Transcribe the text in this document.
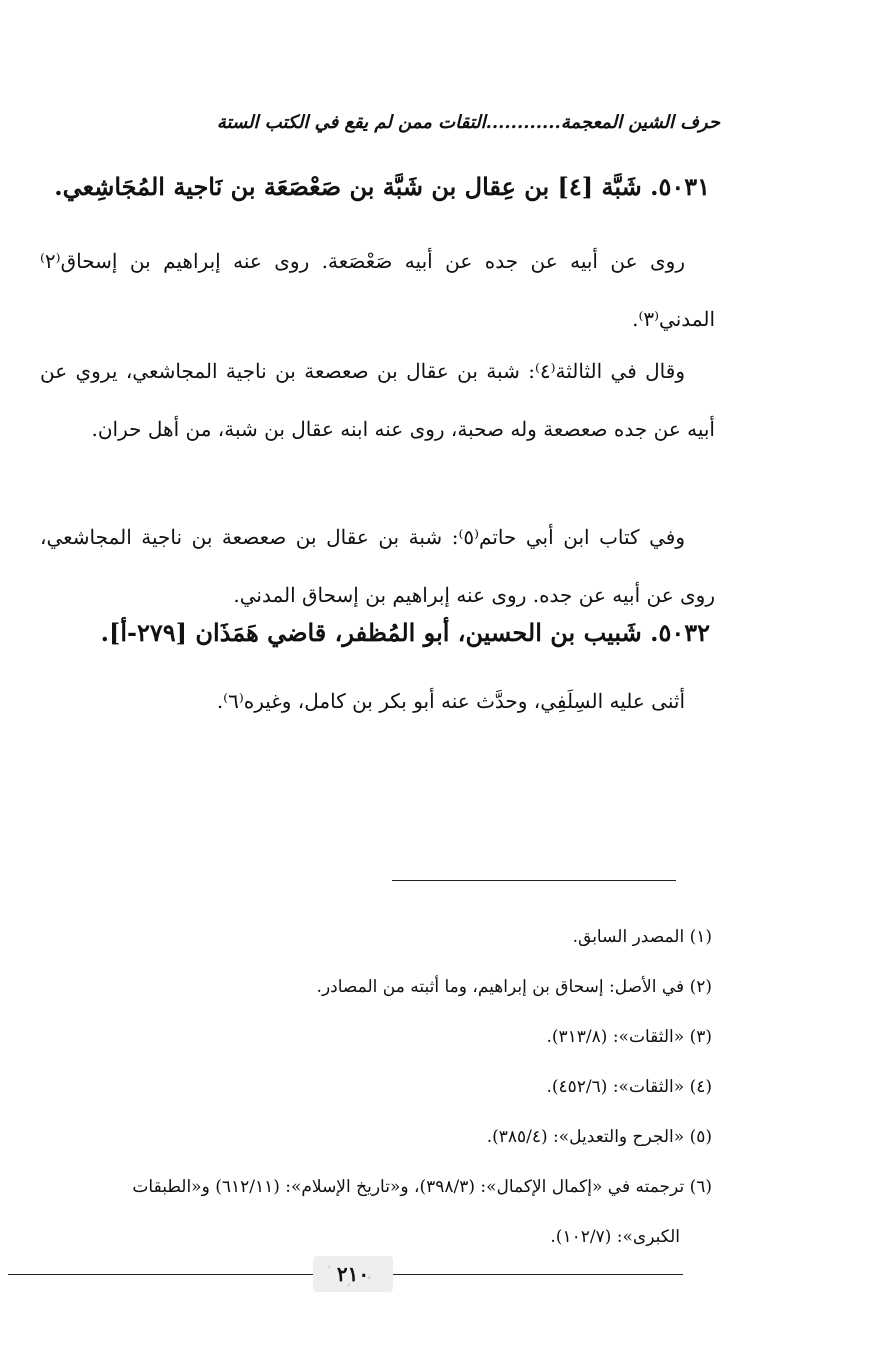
حرف الشين المعجمة............التقات ممن لم يقع في الكتب الستة
٥٠٣١. شَبَّة [٤] بن عِقال بن شَبَّة بن صَعْصَعَة بن نَاجية المُجَاشِعي.
روى عن أبيه عن جده عن أبيه صَعْصَعة. روى عنه إبراهيم بن إسحاق⁽٢⁾ المدني⁽٣⁾.
وقال في الثالثة⁽٤⁾: شبة بن عقال بن صعصعة بن ناجية المجاشعي، يروي عن أبيه عن جده صعصعة وله صحبة، روى عنه ابنه عقال بن شبة، من أهل حران.
وفي كتاب ابن أبي حاتم⁽٥⁾: شبة بن عقال بن صعصعة بن ناجية المجاشعي، روى عن أبيه عن جده. روى عنه إبراهيم بن إسحاق المدني.
٥٠٣٢. شَبيب بن الحسين، أبو المُظفر، قاضي هَمَذَان [٢٧٩-أ].
أثنى عليه السِلَفِي، وحدَّث عنه أبو بكر بن كامل، وغيره⁽٦⁾.
(١) المصدر السابق.
(٢) في الأصل: إسحاق بن إبراهيم، وما أثبته من المصادر.
(٣) «الثقات»: (٣١٣/٨).
(٤) «الثقات»: (٤٥٢/٦).
(٥) «الجرح والتعديل»: (٣٨٥/٤).
(٦) ترجمته في «إكمال الإكمال»: (٣٩٨/٣)، و«تاريخ الإسلام»: (٦١٢/١١) و«الطبقات
الكبرى»: (١٠٢/٧).
٢١٠
